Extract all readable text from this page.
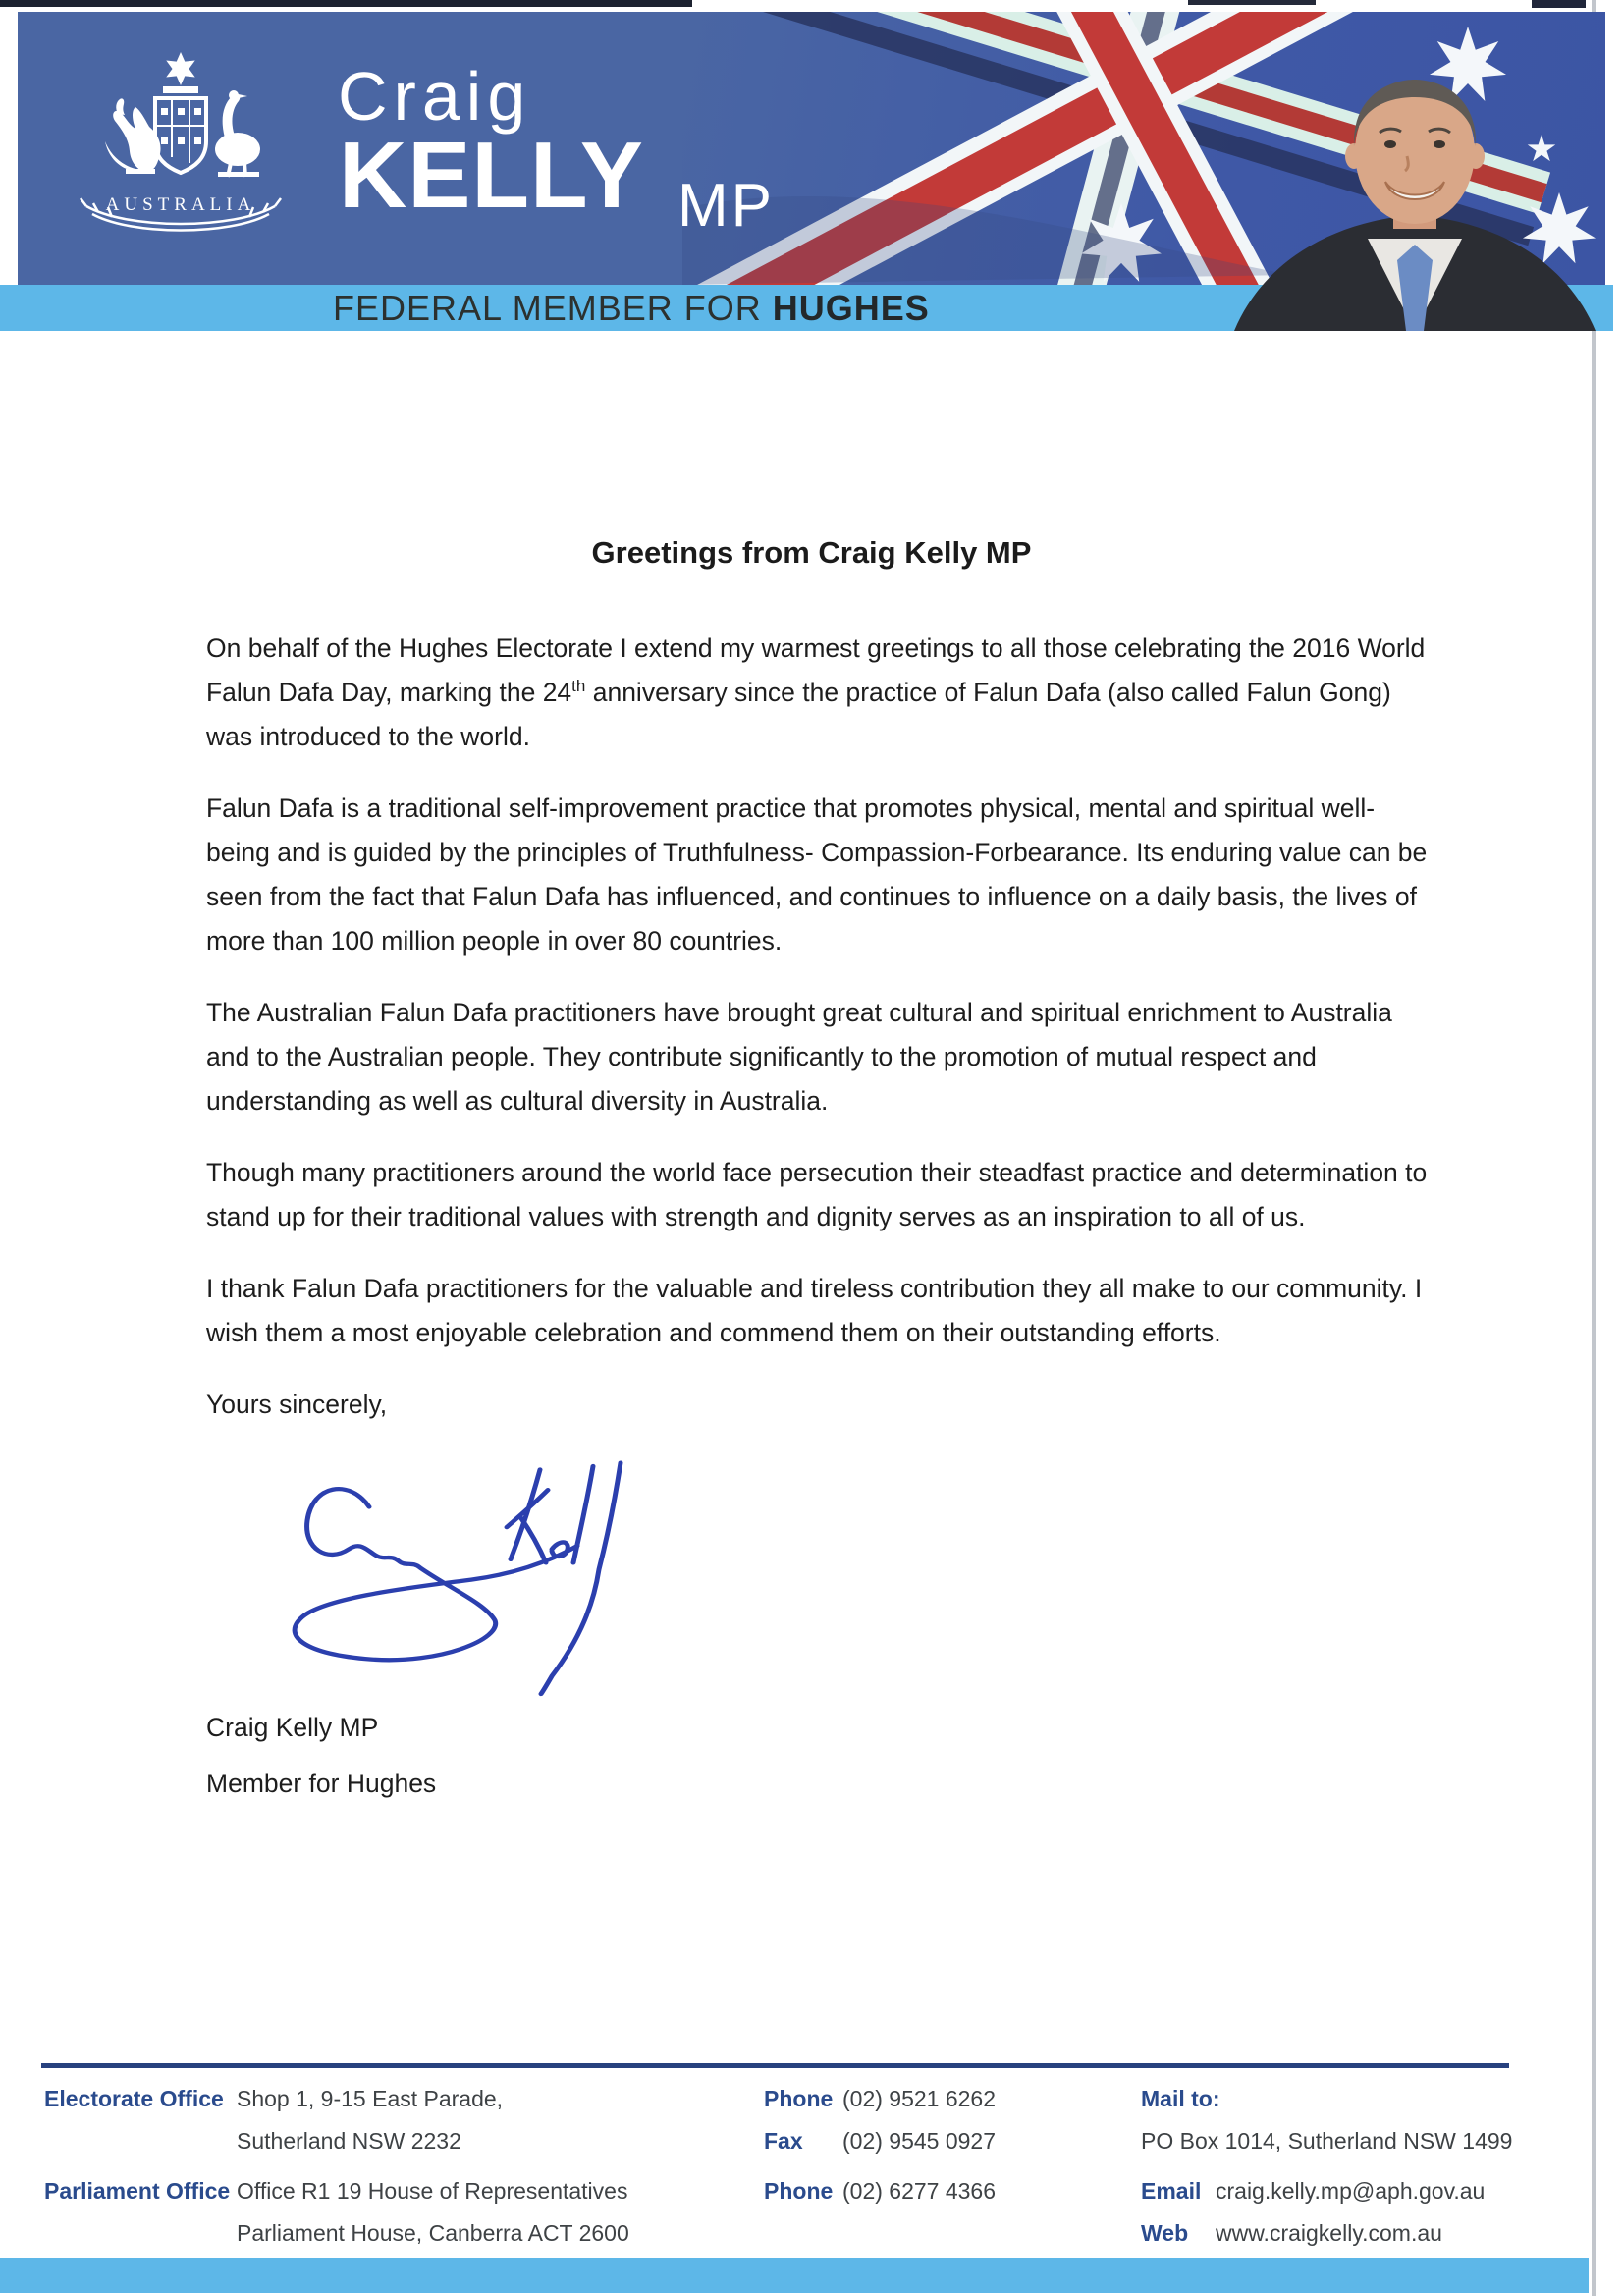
AUSTRALIA
Craig
KELLY MP
FEDERAL MEMBER FOR HUGHES
Greetings from Craig Kelly MP

On behalf of the Hughes Electorate I extend my warmest greetings to all those celebrating the 2016 World Falun Dafa Day, marking the 24th anniversary since the practice of Falun Dafa (also called Falun Gong) was introduced to the world.

Falun Dafa is a traditional self-improvement practice that promotes physical, mental and spiritual well-being and is guided by the principles of Truthfulness- Compassion-Forbearance. Its enduring value can be seen from the fact that Falun Dafa has influenced, and continues to influence on a daily basis, the lives of more than 100 million people in over 80 countries.

The Australian Falun Dafa practitioners have brought great cultural and spiritual enrichment to Australia and to the Australian people. They contribute significantly to the promotion of mutual respect and understanding as well as cultural diversity in Australia.

Though many practitioners around the world face persecution their steadfast practice and determination to stand up for their traditional values with strength and dignity serves as an inspiration to all of us.

I thank Falun Dafa practitioners for the valuable and tireless contribution they all make to our community. I wish them a most enjoyable celebration and commend them on their outstanding efforts.

Yours sincerely,

Craig Kelly MP
Member for Hughes
Electorate Office Shop 1, 9-15 East Parade,
Sutherland NSW 2232
Parliament Office Office R1 19 House of Representatives
Parliament House, Canberra ACT 2600
Phone (02) 9521 6262
Fax (02) 9545 0927
Phone (02) 6277 4366
Mail to:
PO Box 1014, Sutherland NSW 1499
Email craig.kelly.mp@aph.gov.au
Web www.craigkelly.com.au
